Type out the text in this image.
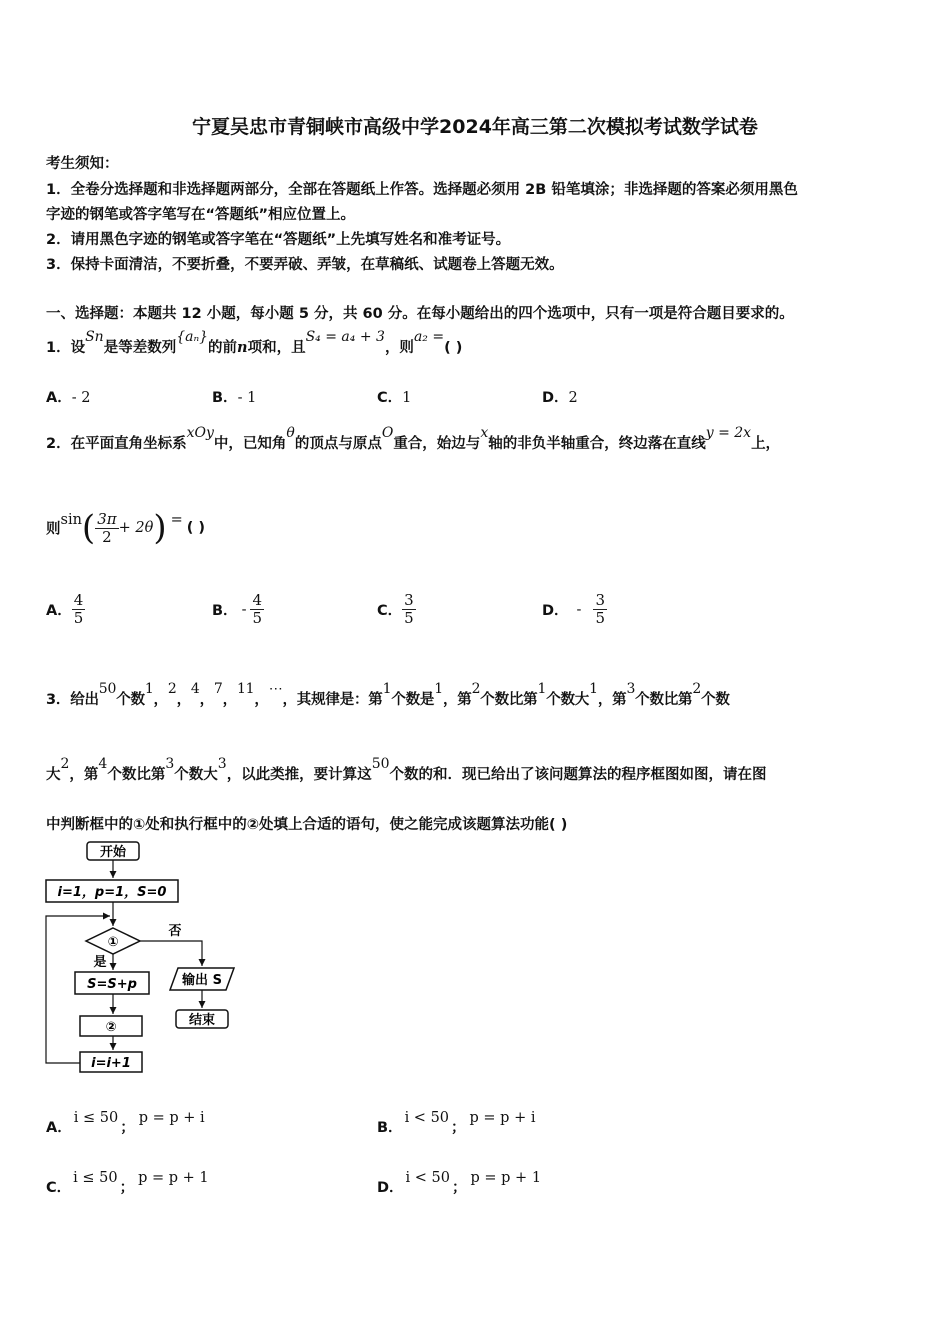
宁夏吴忠市青铜峡市高级中学2024年高三第二次模拟考试数学试卷
考生须知：
1．全卷分选择题和非选择题两部分，全部在答题纸上作答。选择题必须用 2B 铅笔填涂；非选择题的答案必须用黑色
字迹的钢笔或答字笔写在“答题纸”相应位置上。
2．请用黑色字迹的钢笔或答字笔在“答题纸”上先填写姓名和准考证号。
3．保持卡面清洁，不要折叠，不要弄破、弄皱，在草稿纸、试题卷上答题无效。
一、选择题：本题共 12 小题，每小题 5 分，共 60 分。在每小题给出的四个选项中，只有一项是符合题目要求的。
1．设Sn是等差数列{aₙ}的前n项和，且S₄ = a₄ + 3，则a₂ =( )
A．- 2	B．- 1	C．1	D．2
2．在平面直角坐标系xOy中，已知角θ的顶点与原点O重合，始边与x轴的非负半轴重合，终边落在直线y = 2x上，
则$\sin( \frac{3\pi}{2} + 2\theta)$ = ( )
A． $\frac{4}{5}$	B． - $\frac{4}{5}$	C． $\frac{3}{5}$	D． - $\frac{3}{5}$
3．给出50个数1，2，4，7，11，⋯，其规律是：第1个数是1，第2个数比第1个数大1，第3个数比第2个数
大2，第4个数比第3个数大3，以此类推，要计算这50个数的和．现已给出了该问题算法的程序框图如图，请在图
中判断框中的①处和执行框中的②处填上合适的语句，使之能完成该题算法功能( )
开始
i=1，p=1，S=0
①
否
是
S=S+p
②
i=i+1
输出 S
结束
A．i ≤ 50；p = p + i
B．i < 50；p = p + i
C．i ≤ 50；p = p + 1
D．i < 50；p = p + 1
